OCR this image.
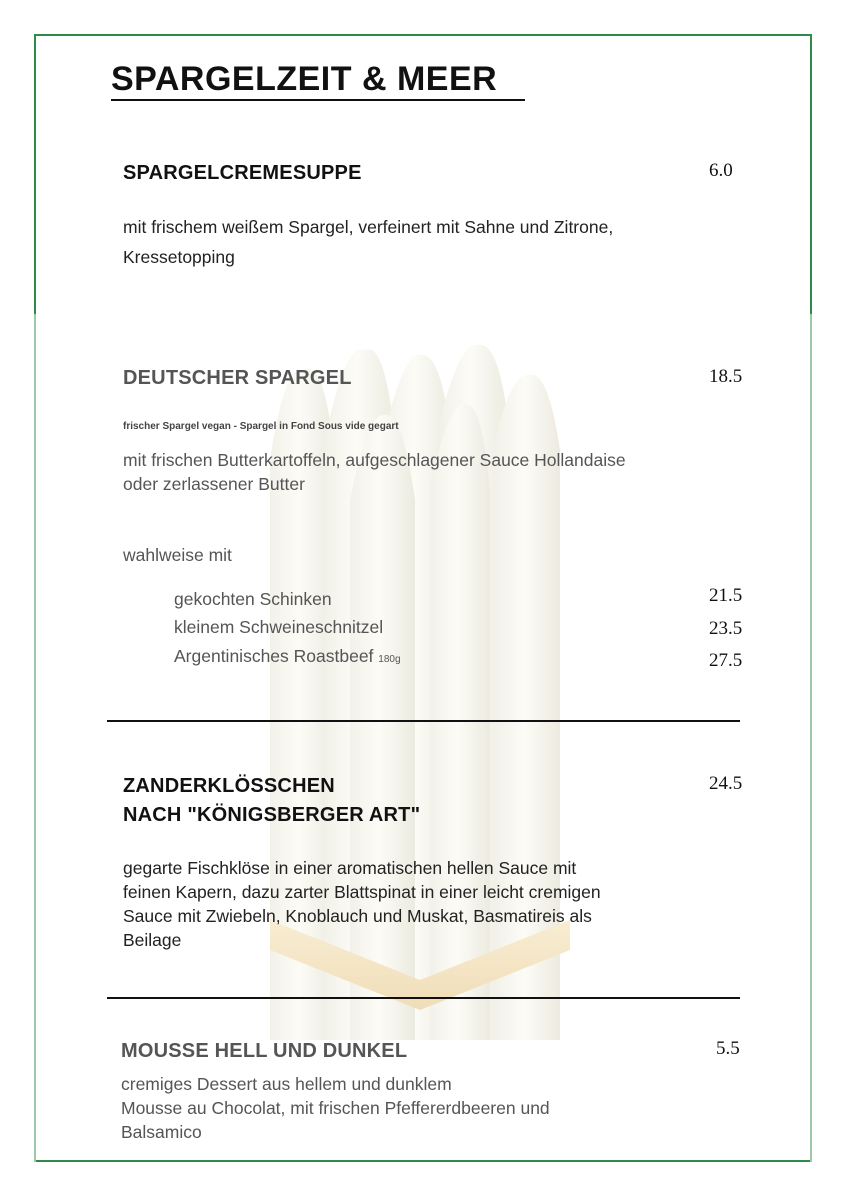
SPARGELZEIT & MEER
SPARGELCREMESUPPE	6.0
mit frischem weißem Spargel, verfeinert mit Sahne und Zitrone,
Kressetopping
DEUTSCHER SPARGEL	18.5
frischer Spargel vegan - Spargel in Fond Sous vide gegart
mit frischen Butterkartoffeln, aufgeschlagener Sauce Hollandaise
oder zerlassener Butter
wahlweise mit
gekochten Schinken	21.5
kleinem Schweineschnitzel	23.5
Argentinisches Roastbeef 180g	27.5
ZANDERKLÖSSCHEN
NACH "KÖNIGSBERGER ART"
24.5
gegarte Fischklöse in einer aromatischen hellen Sauce mit
feinen Kapern, dazu zarter Blattspinat in einer leicht cremigen
Sauce mit Zwiebeln, Knoblauch und Muskat, Basmatireis als
Beilage
MOUSSE HELL UND DUNKEL	5.5
cremiges Dessert aus hellem und dunklem
Mousse au Chocolat, mit frischen Pfeffererdbeeren und
Balsamico
